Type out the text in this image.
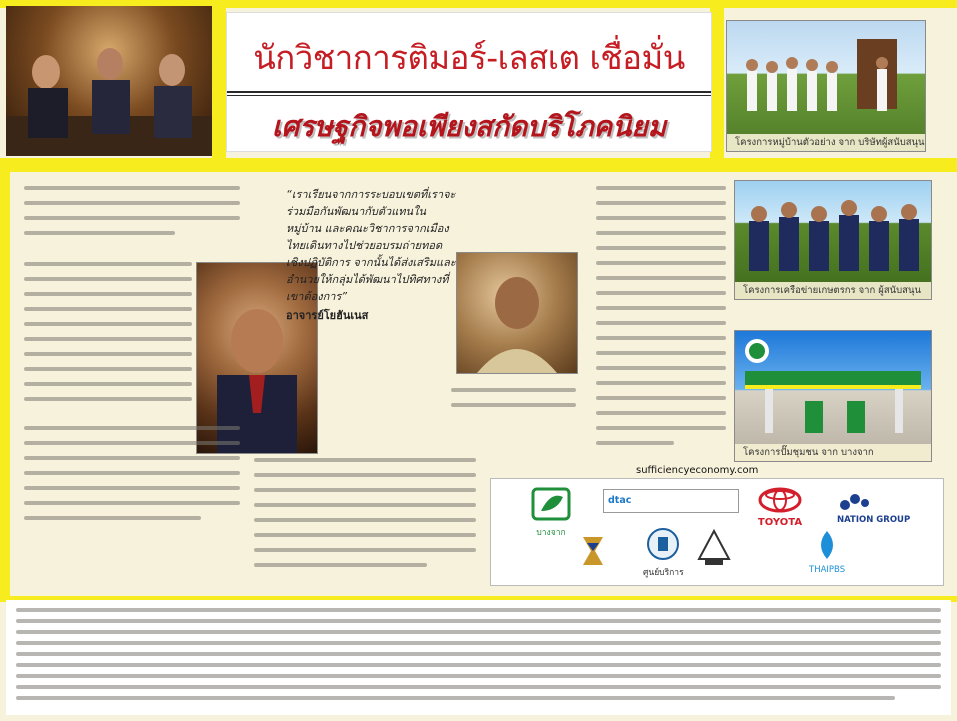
นักวิชาการติมอร์-เลสเต เชื่อมั่น
เศรษฐกิจพอเพียงสกัดบริโภคนิยม	โครงการหมู่บ้านตัวอย่าง จาก บริษัทผู้สนับสนุน
โครงการเครือข่ายเกษตรกร จาก ผู้สนับสนุน
โครงการปั๊มชุมชน จาก บางจาก
“เราเรียนจากการระบอบเขตที่เราจะร่วมมือกันพัฒนากับตัวแทนในหมู่บ้าน และคณะวิชาการจากเมืองไทยเดินทางไปช่วยอบรมถ่ายทอดเชิงปฏิบัติการ จากนั้นได้ส่งเสริมและอำนวยให้กลุ่มได้พัฒนาไปทิศทางที่เขาต้องการ”
อาจารย์โยฮันเนส
sufficiencyeconomy.com
บางจาก
dtac
TOYOTA	NATION GROUP
ศูนย์บริการ	THAIPBS
